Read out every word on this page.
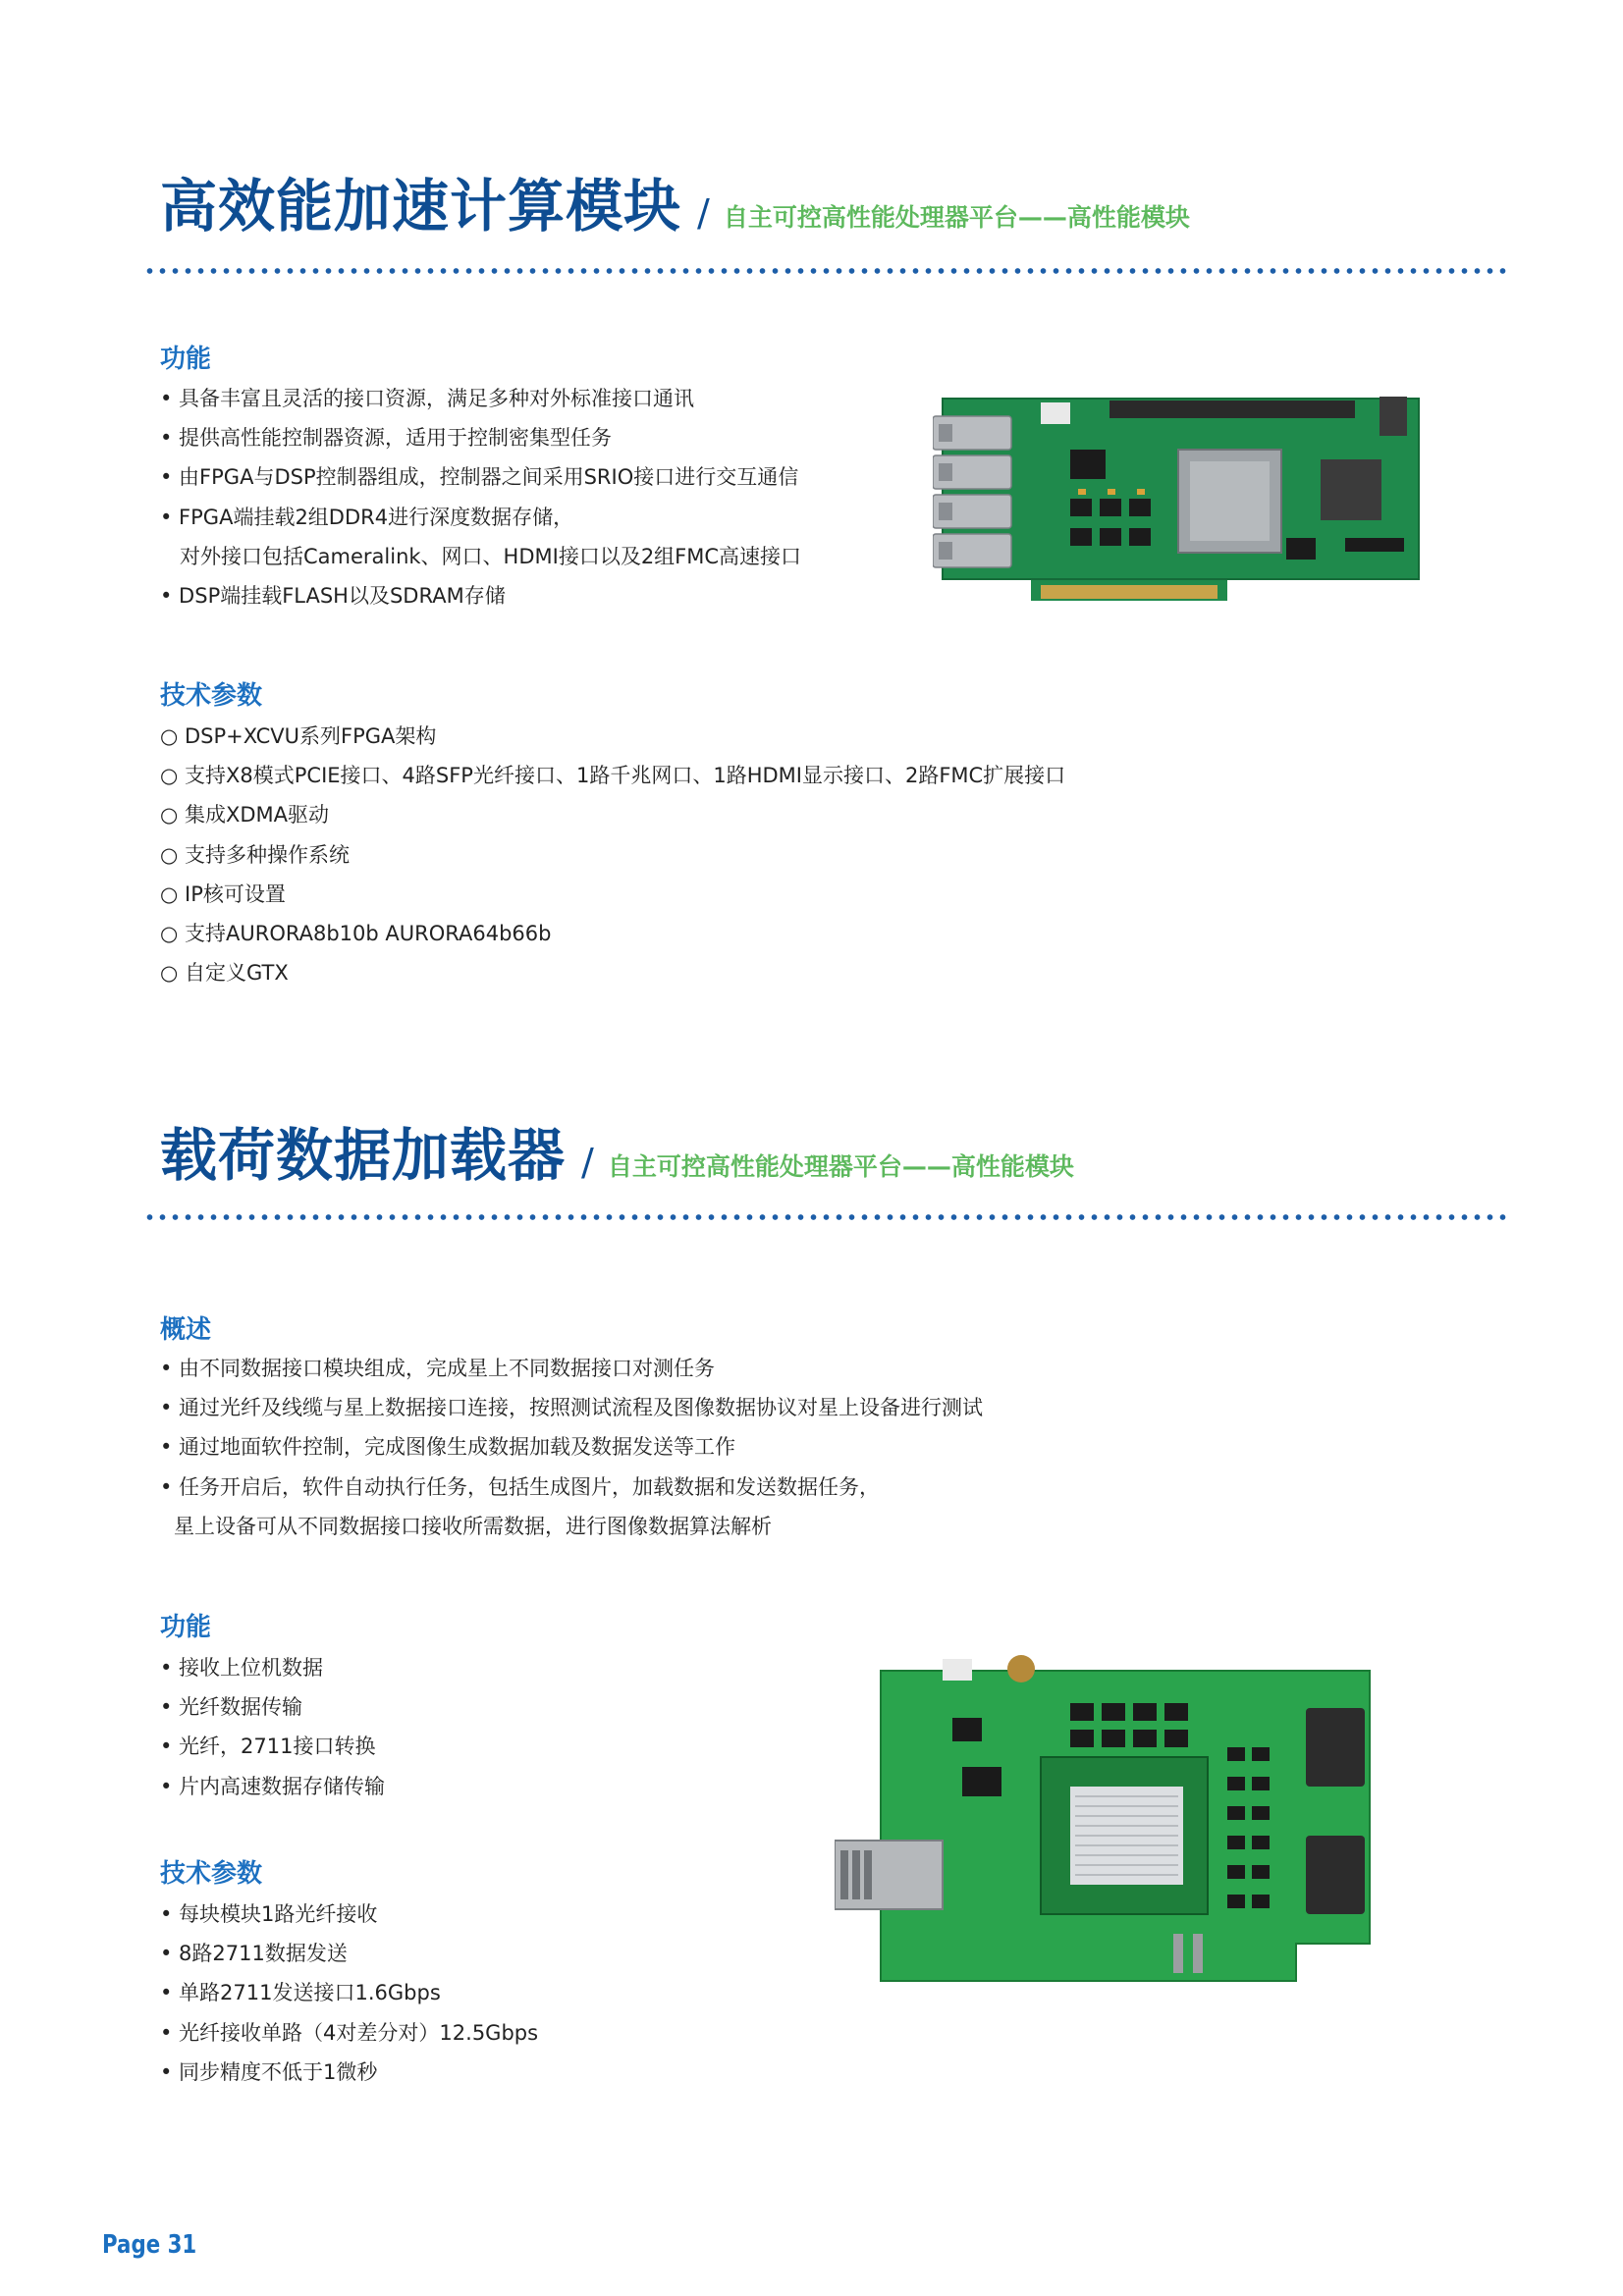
高效能加速计算模块 / 自主可控高性能处理器平台——高性能模块
功能
• 具备丰富且灵活的接口资源，满足多种对外标准接口通讯
• 提供高性能控制器资源，适用于控制密集型任务
• 由FPGA与DSP控制器组成，控制器之间采用SRIO接口进行交互通信
• FPGA端挂载2组DDR4进行深度数据存储，
对外接口包括Cameralink、网口、HDMI接口以及2组FMC高速接口
• DSP端挂载FLASH以及SDRAM存储
技术参数
○ DSP+XCVU系列FPGA架构
○ 支持X8模式PCIE接口、4路SFP光纤接口、1路千兆网口、1路HDMI显示接口、2路FMC扩展接口
○ 集成XDMA驱动
○ 支持多种操作系统
○ IP核可设置
○ 支持AURORA8b10b AURORA64b66b
○ 自定义GTX
载荷数据加载器 / 自主可控高性能处理器平台——高性能模块
概述
• 由不同数据接口模块组成，完成星上不同数据接口对测任务
• 通过光纤及线缆与星上数据接口连接，按照测试流程及图像数据协议对星上设备进行测试
• 通过地面软件控制，完成图像生成数据加载及数据发送等工作
• 任务开启后，软件自动执行任务，包括生成图片，加载数据和发送数据任务，
星上设备可从不同数据接口接收所需数据，进行图像数据算法解析
功能
• 接收上位机数据
• 光纤数据传输
• 光纤，2711接口转换
• 片内高速数据存储传输
技术参数
• 每块模块1路光纤接收
• 8路2711数据发送
• 单路2711发送接口1.6Gbps
• 光纤接收单路（4对差分对）12.5Gbps
• 同步精度不低于1微秒
Page 31
